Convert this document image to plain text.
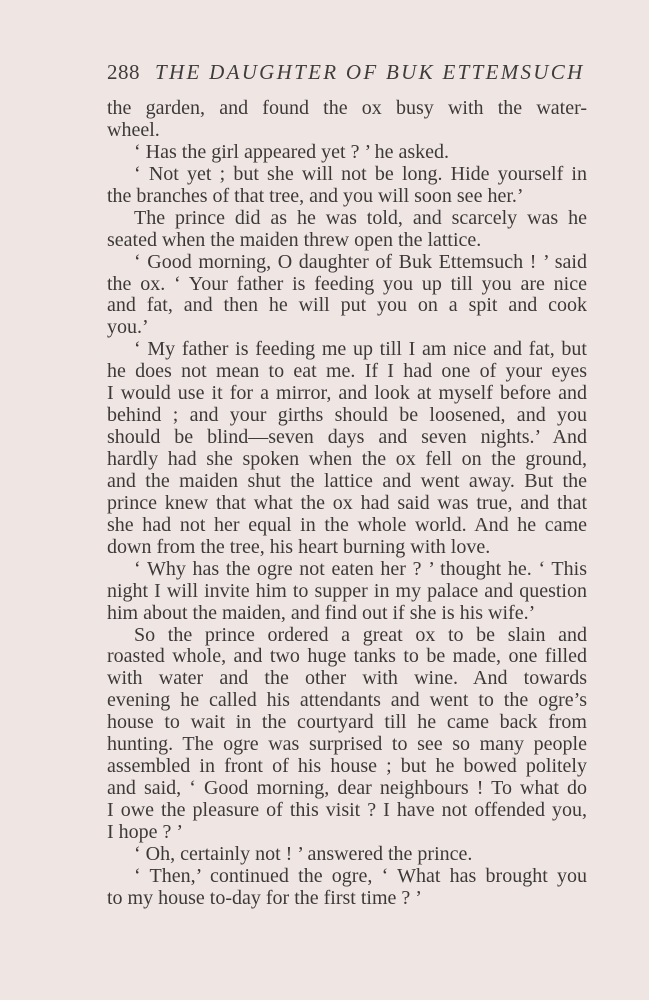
288 THE DAUGHTER OF BUK ETTEMSUCH
the garden, and found the ox busy with the water-
wheel.
‘ Has the girl appeared yet ? ’ he asked.
‘ Not yet ; but she will not be long. Hide yourself in
the branches of that tree, and you will soon see her.’
The prince did as he was told, and scarcely was he
seated when the maiden threw open the lattice.
‘ Good morning, O daughter of Buk Ettemsuch ! ’ said
the ox. ‘ Your father is feeding you up till you are nice
and fat, and then he will put you on a spit and cook
you.’
‘ My father is feeding me up till I am nice and fat, but
he does not mean to eat me. If I had one of your eyes
I would use it for a mirror, and look at myself before and
behind ; and your girths should be loosened, and you
should be blind—seven days and seven nights.’ And
hardly had she spoken when the ox fell on the ground,
and the maiden shut the lattice and went away. But the
prince knew that what the ox had said was true, and that
she had not her equal in the whole world. And he came
down from the tree, his heart burning with love.
‘ Why has the ogre not eaten her ? ’ thought he. ‘ This
night I will invite him to supper in my palace and question
him about the maiden, and find out if she is his wife.’
So the prince ordered a great ox to be slain and
roasted whole, and two huge tanks to be made, one filled
with water and the other with wine. And towards
evening he called his attendants and went to the ogre’s
house to wait in the courtyard till he came back from
hunting. The ogre was surprised to see so many people
assembled in front of his house ; but he bowed politely
and said, ‘ Good morning, dear neighbours ! To what do
I owe the pleasure of this visit ? I have not offended you,
I hope ? ’
‘ Oh, certainly not ! ’ answered the prince.
‘ Then,’ continued the ogre, ‘ What has brought you
to my house to-day for the first time ? ’
